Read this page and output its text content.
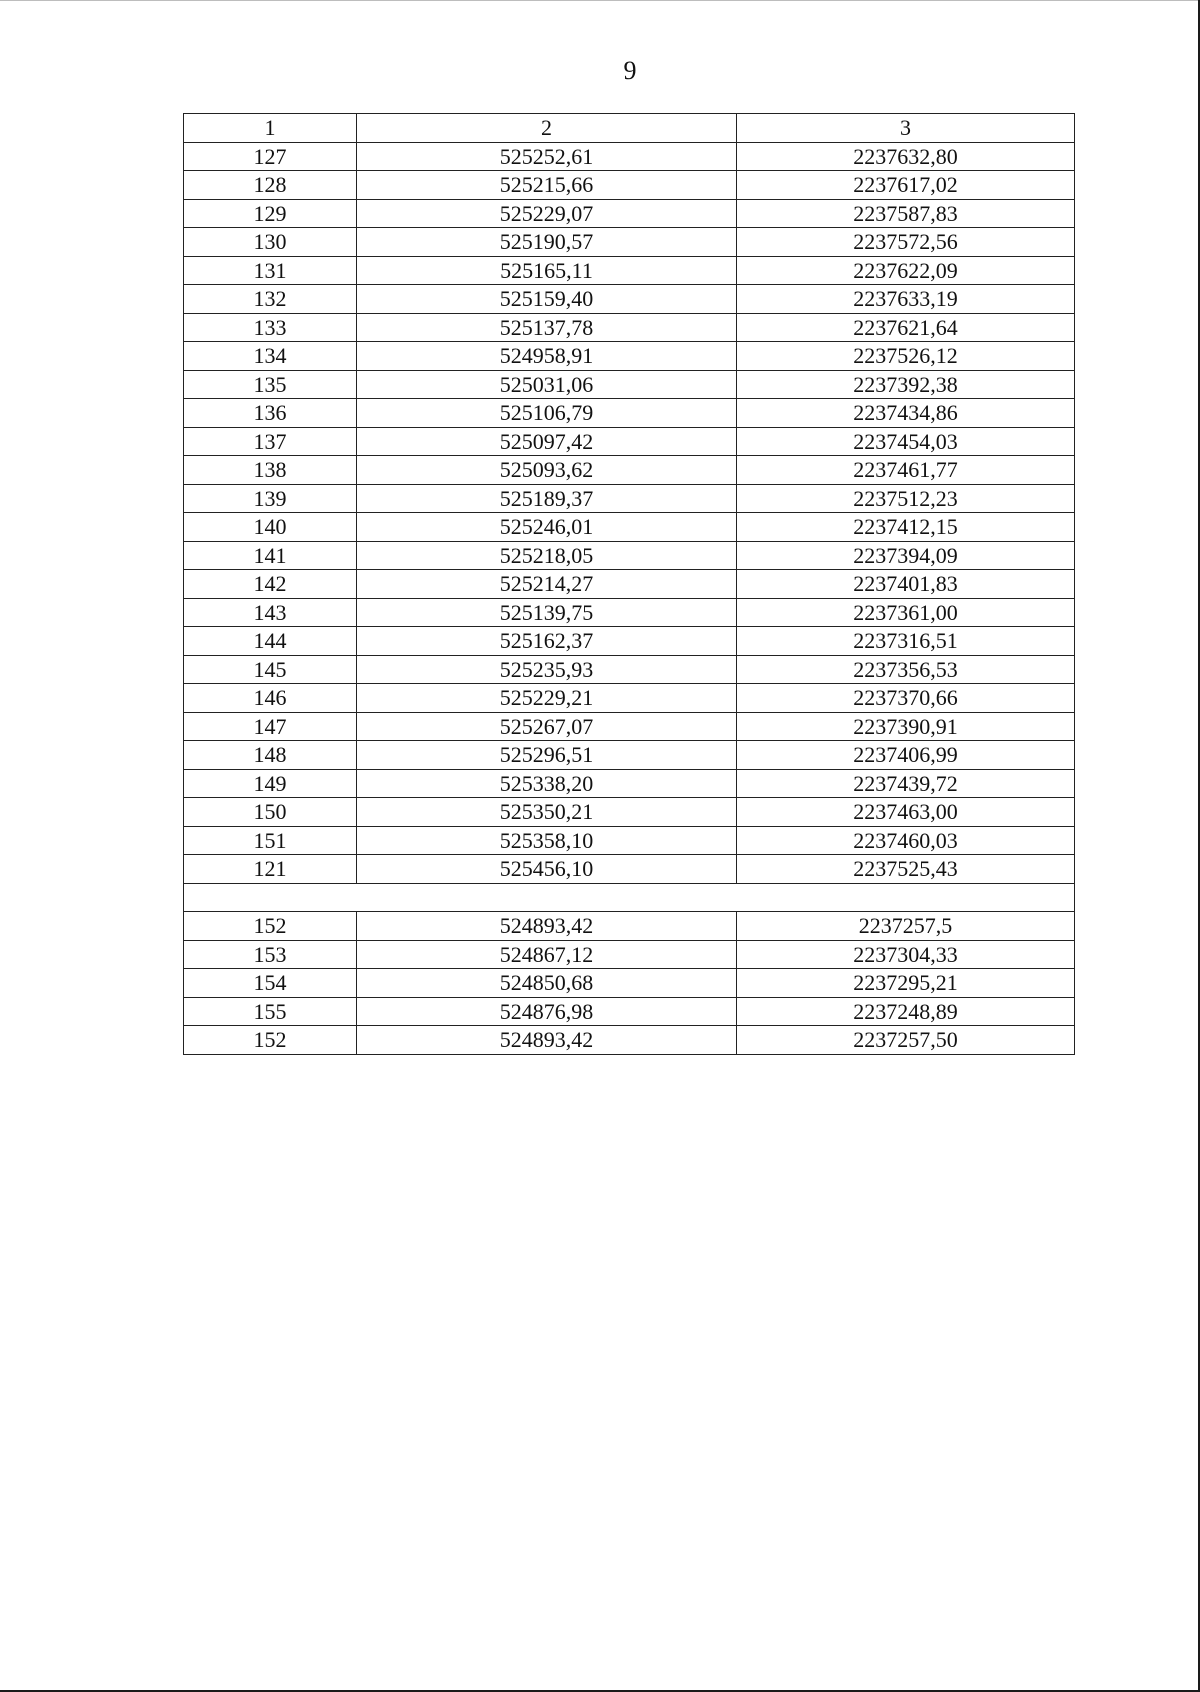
9
1	2	3
127	525252,61	2237632,80
128	525215,66	2237617,02
129	525229,07	2237587,83
130	525190,57	2237572,56
131	525165,11	2237622,09
132	525159,40	2237633,19
133	525137,78	2237621,64
134	524958,91	2237526,12
135	525031,06	2237392,38
136	525106,79	2237434,86
137	525097,42	2237454,03
138	525093,62	2237461,77
139	525189,37	2237512,23
140	525246,01	2237412,15
141	525218,05	2237394,09
142	525214,27	2237401,83
143	525139,75	2237361,00
144	525162,37	2237316,51
145	525235,93	2237356,53
146	525229,21	2237370,66
147	525267,07	2237390,91
148	525296,51	2237406,99
149	525338,20	2237439,72
150	525350,21	2237463,00
151	525358,10	2237460,03
121	525456,10	2237525,43

152	524893,42	2237257,5
153	524867,12	2237304,33
154	524850,68	2237295,21
155	524876,98	2237248,89
152	524893,42	2237257,50
